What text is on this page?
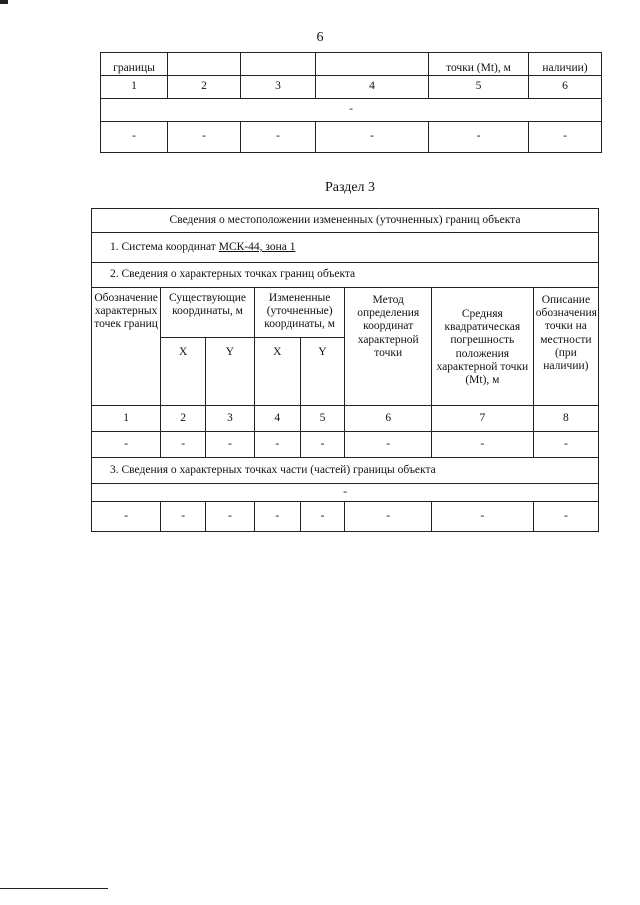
6
границы				точки (Mt), м	наличии)
1	2	3	4	5	6
-					
-	-	-	-	-	-
Раздел 3
Сведения о местоположении измененных (уточненных) границ объекта							
1. Система координат МСК-44, зона 1							
2. Сведения о характерных точках границ объекта							
Обозначение характерных точек границ	Существующие координаты, м		Измененные (уточненные) координаты, м		Метод определения координат характерной точки	Средняя квадратическая погрешность положения характерной точки (Mt), м	Описание обозначения точки на местности (при наличии)
	X	Y	X	Y			
1	2	3	4	5	6	7	8
-	-	-	-	-	-	-	-
3. Сведения о характерных точках части (частей) границы объекта							
-							
-	-	-	-	-	-	-	-
